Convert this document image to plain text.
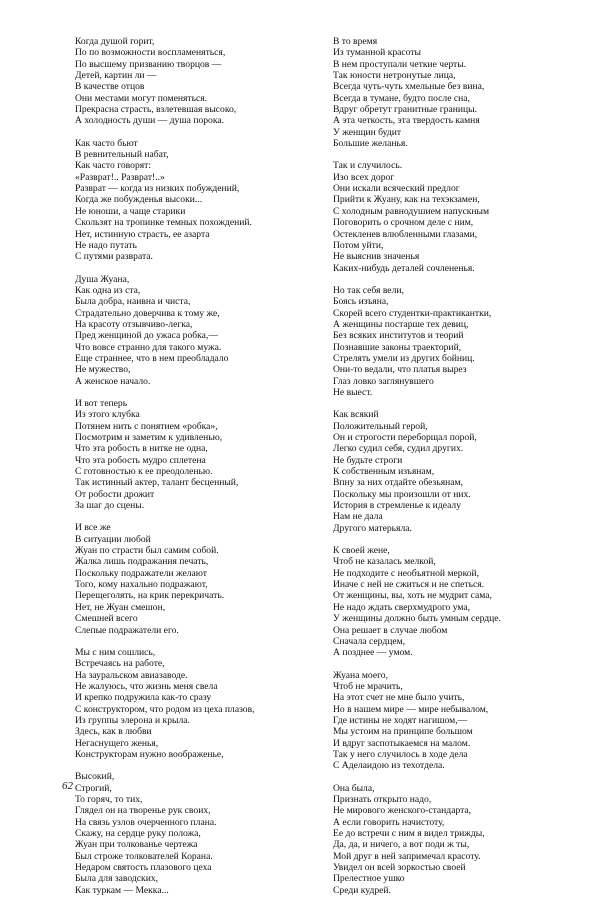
Когда душой горит,
По по возможности воспламеняться,
По высшему призванию творцов —
Детей, картин ли —
В качестве отцов
Они местами могут поменяться.
Прекрасна страсть, взлетевшая высоко,
А холодность души — душа порока.
Как часто бьют
В ревнительный набат,
Как часто говорят:
«Разврат!.. Разврат!..»
Разврат — когда из низких побуждений,
Когда же побужденья высоки...
Не юноши, а чаще старики
Скользят на тропинке темных похождений.
Нет, истинную страсть, ее азарта
Не надо путать
С путями разврата.
Душа Жуана,
Как одна из ста,
Была добра, наивна и чиста,
Страдательно доверчива к тому же,
На красоту отзывчиво-легка,
Пред женщиной до ужаса робка,—
Что вовсе странно для такого мужа.
Еще страннее, что в нем преобладало
Не мужество,
А женское начало.
И вот теперь
Из этого клубка
Потянем нить с понятием «робка»,
Посмотрим и заметим к удивленью,
Что эта робость в нитке не одна,
Что эта робость мудро сплетена
С готовностью к ее преодоленью.
Так истинный актер, талант бесценный,
От робости дрожит
За шаг до сцены.
И все же
В ситуации любой
Жуан по страсти был самим собой.
Жалка лишь подражания печать,
Поскольку подражатели желают
Того, кому нахально подражают,
Перещеголять, на крик перекричать.
Нет, не Жуан смешон,
Смешней всего
Слепые подражатели его.
Мы с ним сошлись,
Встречаясь на работе,
На зауральском авиазаводе.
Не жалуюсь, что жизнь меня свела
И крепко подружила как-то сразу
С конструктором, что родом из цеха плазов,
Из группы элерона и крыла.
Здесь, как в любви
Негаснущего женья,
Конструкторам нужно воображенье,
Высокий,
Строгий,
То горяч, то тих,
Глядел он на творенье рук своих,
На связь узлов очерченного плана.
Скажу, на сердце руку положа,
Жуан при толкованье чертежа
Был строже толкователей Корана.
Недаром святость плазового цеха
Была для заводских,
Как туркам — Мекка...
В то время
Из туманной красоты
В нем проступали четкие черты.
Так юности нетронутые лица,
Всегда чуть-чуть хмельные без вина,
Всегда в тумане, будто после сна,
Вдруг обретут гранитные границы.
А эта четкость, эта твердость камня
У женщин будит
Большие желанья.
Так и случилось.
Изо всех дорог
Они искали всяческий предлог
Прийти к Жуану, как на техэкзамен,
С холодным равнодушием напускным
Поговорить о срочном деле с ним,
Остекленев влюбленными глазами,
Потом уйти,
Не выяснив значенья
Каких-нибудь деталей сочлененья.
Но так себя вели,
Боясь изъяна,
Скорей всего студентки-практикантки,
А женщины постарше тех девиц,
Без всяких институтов и теорий
Познавшие законы траекторий,
Стрелять умели из других бойниц.
Они-то ведали, что платья вырез
Глаз ловко заглянувшего
Не выест.
Как всякий
Положительный герой,
Он и строгости переборщал порой,
Легко судил себя, судил других.
Не будьте строги
К собственным изъянам,
Впну за них отдайте обезьянам,
Поскольку мы произошли от них.
История в стремленье к идеалу
Нам не дала
Другого матерьяла.
К своей жене,
Чтоб не казалась мелкой,
Не подходите с необъятной меркой,
Иначе с ней не сжиться и не спеться.
От женщины, вы, хоть не мудрит сама,
Не надо ждать сверхмудрого ума,
У женщины должно быть умным сердце.
Она решает в случае любом
Сначала сердцем,
А позднее — умом.
Жуана моего,
Чтоб не мрачить,
На этот счет не мне было учить,
Но в нашем мире — мире небывалом,
Где истины не ходят нагишом,—
Мы устоим на принципе большом
И вдруг заспотыкаемся на малом.
Так у него случилось в ходе дела
С Аделаидою из техотдела.
Она была,
Признать открыто надо,
Не мирового женского-стандарта,
А если говорить начистоту,
Ее до встречи с ним я видел трижды,
Да, да, и ничего, а вот поди ж ты,
Мой друг в ней запримечал красоту.
Увидел он всей зоркостью своей
Прелестное ушко
Среди кудрей.
62
